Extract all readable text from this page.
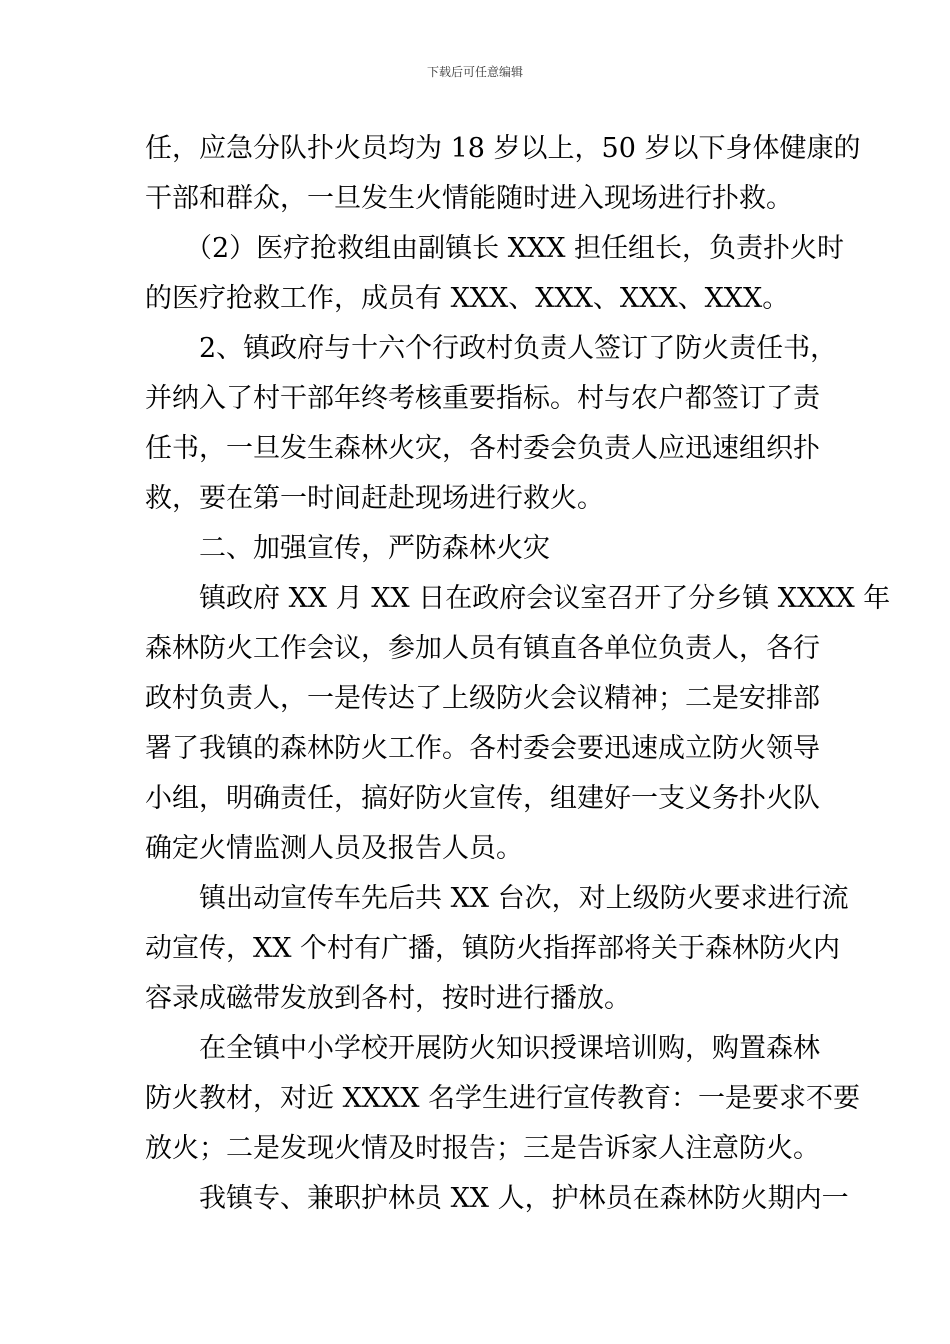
下载后可任意编辑
任，应急分队扑火员均为 18 岁以上，50 岁以下身体健康的
干部和群众，一旦发生火情能随时进入现场进行扑救。
（2）医疗抢救组由副镇长 XXX 担任组长，负责扑火时
的医疗抢救工作，成员有 XXX、XXX、XXX、XXX。
2、镇政府与十六个行政村负责人签订了防火责任书，
并纳入了村干部年终考核重要指标。村与农户都签订了责
任书，一旦发生森林火灾，各村委会负责人应迅速组织扑
救，要在第一时间赶赴现场进行救火。
二、加强宣传，严防森林火灾
镇政府 XX 月 XX 日在政府会议室召开了分乡镇 XXXX 年
森林防火工作会议，参加人员有镇直各单位负责人，各行
政村负责人，一是传达了上级防火会议精神；二是安排部
署了我镇的森林防火工作。各村委会要迅速成立防火领导
小组，明确责任，搞好防火宣传，组建好一支义务扑火队
确定火情监测人员及报告人员。
镇出动宣传车先后共 XX 台次，对上级防火要求进行流
动宣传，XX 个村有广播，镇防火指挥部将关于森林防火内
容录成磁带发放到各村，按时进行播放。
在全镇中小学校开展防火知识授课培训购，购置森林
防火教材，对近 XXXX 名学生进行宣传教育：一是要求不要
放火；二是发现火情及时报告；三是告诉家人注意防火。
我镇专、兼职护林员 XX 人，护林员在森林防火期内一
